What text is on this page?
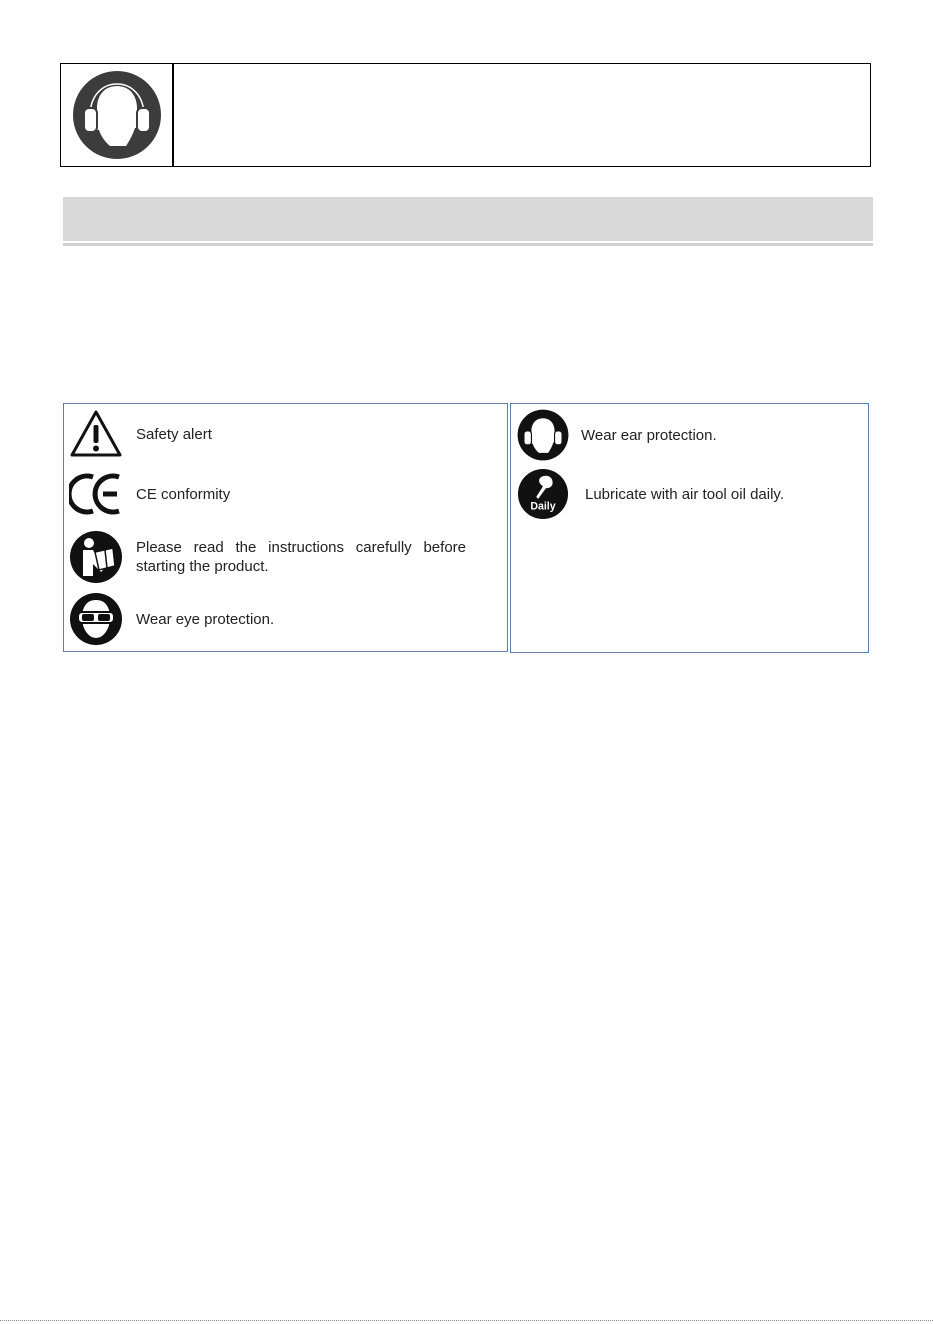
Safety alert
CE conformity
Please read the instructions carefully before starting the product.
Wear eye protection.
Wear ear protection.
Daily
Lubricate with air tool oil daily.
